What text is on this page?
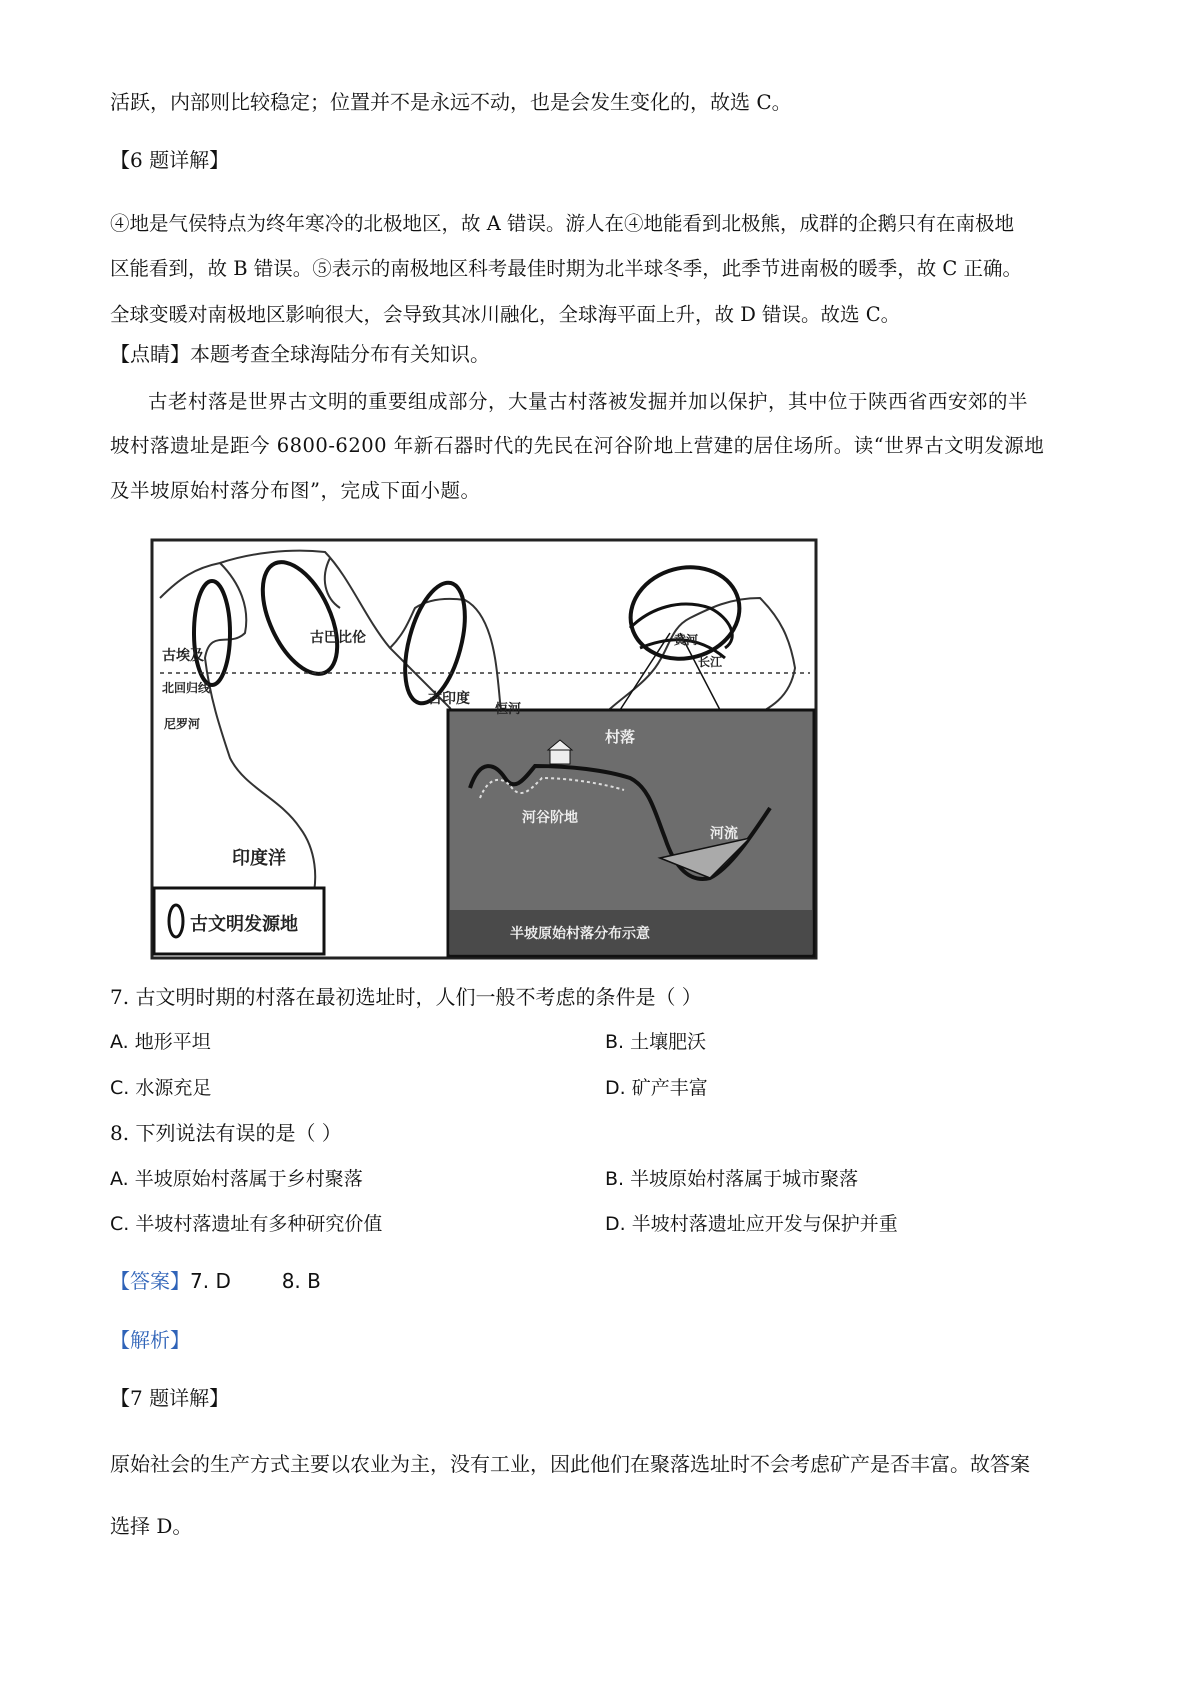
活跃，内部则比较稳定；位置并不是永远不动，也是会发生变化的，故选 C。
【6 题详解】
④地是气侯特点为终年寒冷的北极地区，故 A 错误。游人在④地能看到北极熊，成群的企鹅只有在南极地
区能看到，故 B 错误。⑤表示的南极地区科考最佳时期为北半球冬季，此季节进南极的暖季，故 C 正确。
全球变暖对南极地区影响很大，会导致其冰川融化，全球海平面上升，故 D 错误。故选 C。
【点睛】本题考查全球海陆分布有关知识。
古老村落是世界古文明的重要组成部分，大量古村落被发掘并加以保护，其中位于陕西省西安郊的半
坡村落遗址是距今 6800-6200 年新石器时代的先民在河谷阶地上营建的居住场所。读“世界古文明发源地
及半坡原始村落分布图”，完成下面小题。
古埃及
古巴比伦
古印度
恒河
北回归线
尼罗河
印度洋
黄河
长江
村落
河谷阶地
河流
半坡原始村落分布示意
古文明发源地
7. 古文明时期的村落在最初选址时，人们一般不考虑的条件是（ ）
A. 地形平坦	B. 土壤肥沃
C. 水源充足	D. 矿产丰富
8. 下列说法有误的是（ ）
A. 半坡原始村落属于乡村聚落	B. 半坡原始村落属于城市聚落
C. 半坡村落遗址有多种研究价值	D. 半坡村落遗址应开发与保护并重
【答案】7. D        8. B
【解析】
【7 题详解】
原始社会的生产方式主要以农业为主，没有工业，因此他们在聚落选址时不会考虑矿产是否丰富。故答案
选择 D。
